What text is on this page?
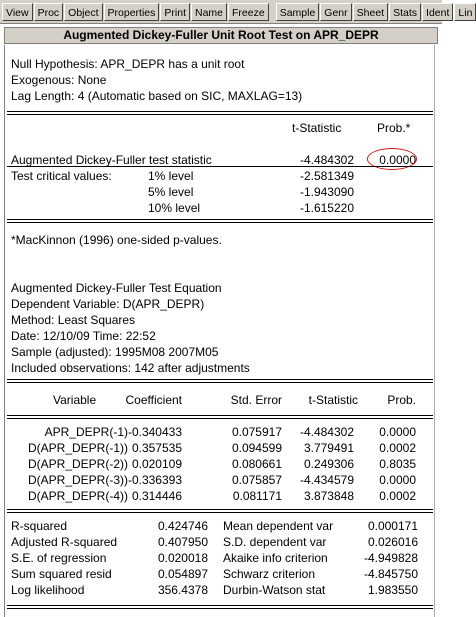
View Proc Object Properties Print Name Freeze	Sample Genr Sheet Stats Ident Lin
Augmented Dickey-Fuller Unit Root Test on APR_DEPR
Null Hypothesis: APR_DEPR has a unit root
Exogenous: None
Lag Length: 4 (Automatic based on SIC, MAXLAG=13)
t-Statistic	Prob.*
Augmented Dickey-Fuller test statistic	-4.484302 0.0000
Test critical values:	1% level	-2.581349
5% level	-1.943090
10% level	-1.615220
*MacKinnon (1996) one-sided p-values.
Augmented Dickey-Fuller Test Equation
Dependent Variable: D(APR_DEPR)
Method: Least Squares
Date: 12/10/09 Time: 22:52
Sample (adjusted): 1995M08 2007M05
Included observations: 142 after adjustments
Variable Coefficient	Std. Error t-Statistic Prob.
APR_DEPR(-1) -0.340433	0.075917 -4.484302 0.0000
D(APR_DEPR(-1)) 0.357535	0.094599 3.779491 0.0002
D(APR_DEPR(-2)) 0.020109	0.080661 0.249306 0.8035
D(APR_DEPR(-3)) -0.336393	0.075857 -4.434579 0.0000
D(APR_DEPR(-4)) 0.314446	0.081171 3.873848 0.0002
R-squared	0.424746 Mean dependent var	0.000171
Adjusted R-squared	0.407950 S.D. dependent var	0.026016
S.E. of regression	0.020018 Akaike info criterion	-4.949828
Sum squared resid	0.054897 Schwarz criterion	-4.845750
Log likelihood	356.4378 Durbin-Watson stat	1.983550
